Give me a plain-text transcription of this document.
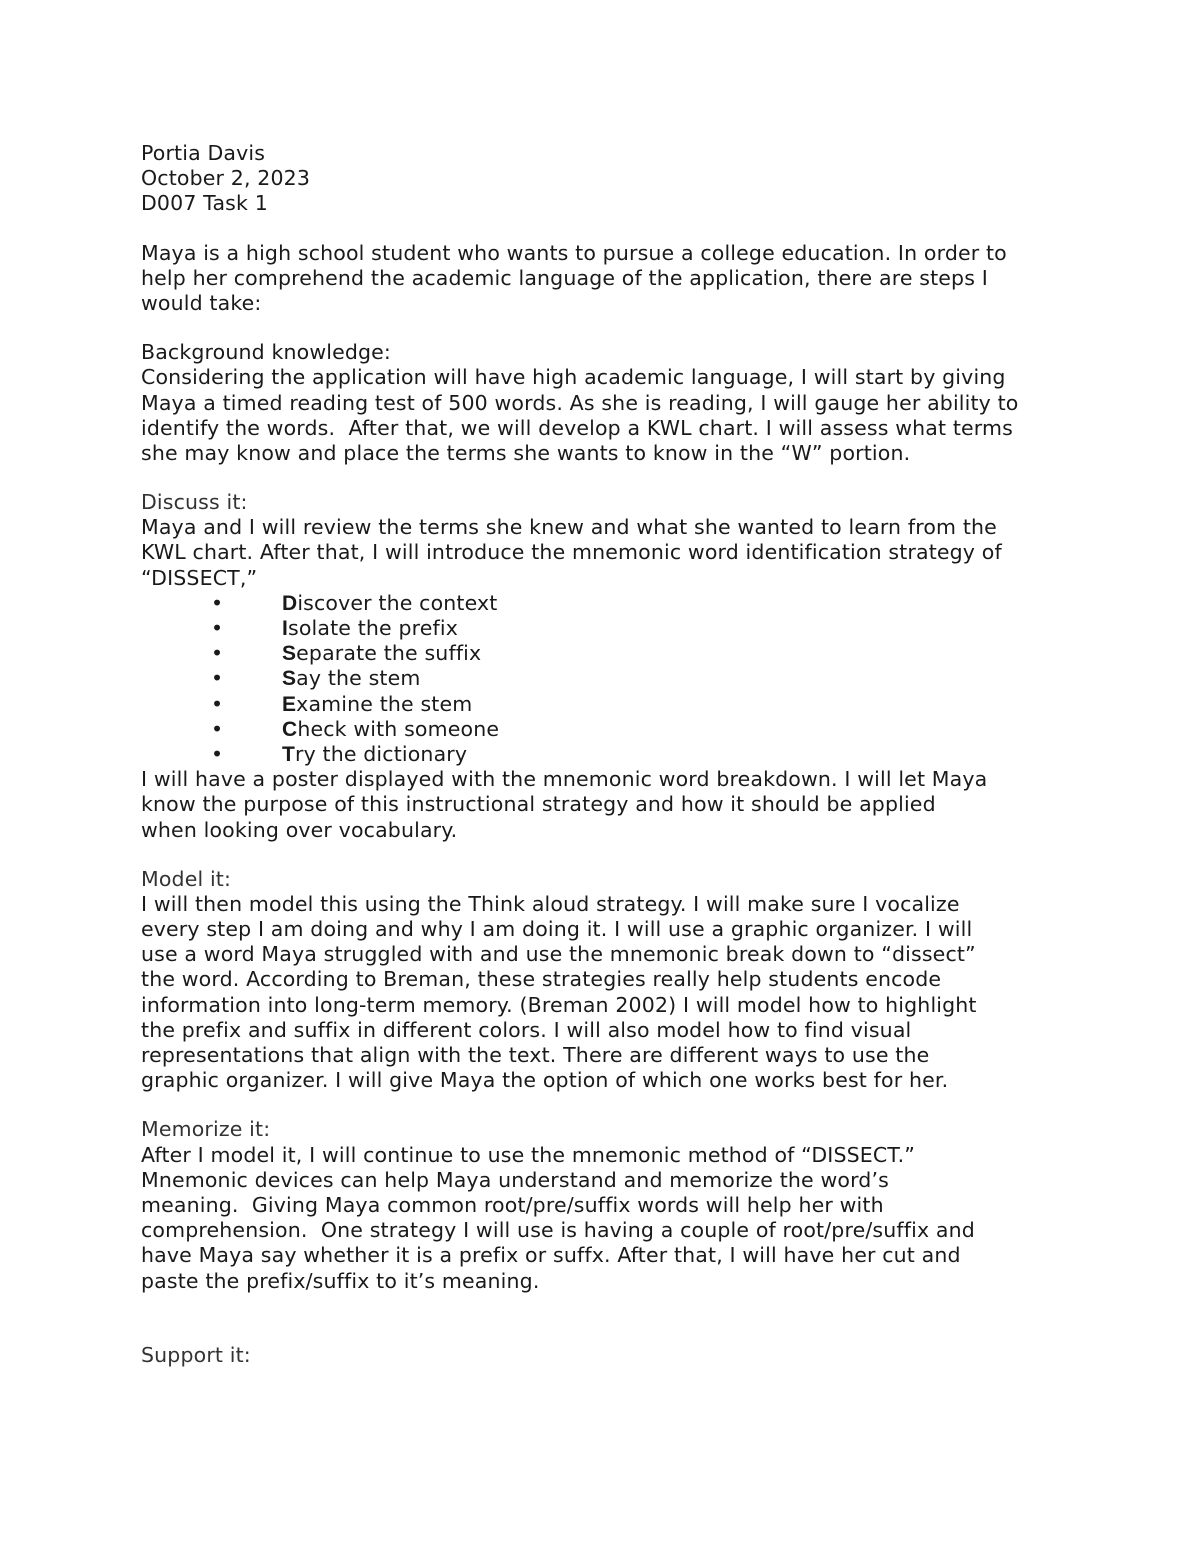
Portia Davis
October 2, 2023
D007 Task 1
Maya is a high school student who wants to pursue a college education. In order to
help her comprehend the academic language of the application, there are steps I
would take:
Background knowledge:
Considering the application will have high academic language, I will start by giving
Maya a timed reading test of 500 words. As she is reading, I will gauge her ability to
identify the words.  After that, we will develop a KWL chart. I will assess what terms
she may know and place the terms she wants to know in the “W” portion.
Discuss it:
Maya and I will review the terms she knew and what she wanted to learn from the
KWL chart. After that, I will introduce the mnemonic word identification strategy of
“DISSECT,”

•

	Discover the context

•

	Isolate the prefix

•

	Separate the suffix

•

	Say the stem

•

	Examine the stem

•

	Check with someone

•

	Try the dictionary

I will have a poster displayed with the mnemonic word breakdown. I will let Maya
know the purpose of this instructional strategy and how it should be applied
when looking over vocabulary.
Model it:
I will then model this using the Think aloud strategy. I will make sure I vocalize
every step I am doing and why I am doing it. I will use a graphic organizer. I will
use a word Maya struggled with and use the mnemonic break down to “dissect”
the word. According to Breman, these strategies really help students encode
information into long-term memory. (Breman 2002) I will model how to highlight
the prefix and suffix in different colors. I will also model how to find visual
representations that align with the text. There are different ways to use the
graphic organizer. I will give Maya the option of which one works best for her.
Memorize it:
After I model it, I will continue to use the mnemonic method of “DISSECT.”
Mnemonic devices can help Maya understand and memorize the word’s
meaning.  Giving Maya common root/pre/suffix words will help her with
comprehension.  One strategy I will use is having a couple of root/pre/suffix and
have Maya say whether it is a prefix or suffx. After that, I will have her cut and
paste the prefix/suffix to it’s meaning.
Support it:
